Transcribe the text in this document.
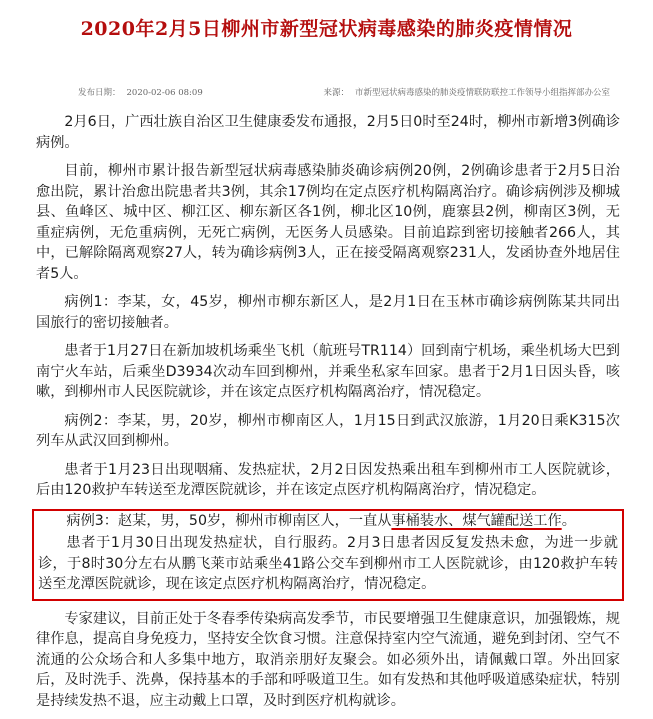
2020年2月5日柳州市新型冠状病毒感染的肺炎疫情情况
发布日期： 2020-02-06 08:09	来源： 市新型冠状病毒感染的肺炎疫情联防联控工作领导小组指挥部办公室

2月6日，广西壮族自治区卫生健康委发布通报，2月5日0时至24时，柳州市新增3例确诊病例。

目前，柳州市累计报告新型冠状病毒感染肺炎确诊病例20例，2例确诊患者于2月5日治愈出院，累计治愈出院患者共3例，其余17例均在定点医疗机构隔离治疗。确诊病例涉及柳城县、鱼峰区、城中区、柳江区、柳东新区各1例，柳北区10例，鹿寨县2例，柳南区3例，无重症病例，无危重病例，无死亡病例，无医务人员感染。目前追踪到密切接触者266人，其中，已解除隔离观察27人，转为确诊病例3人，正在接受隔离观察231人，发函协查外地居住者5人。

病例1：李某，女，45岁，柳州市柳东新区人，是2月1日在玉林市确诊病例陈某共同出国旅行的密切接触者。

患者于1月27日在新加坡机场乘坐飞机（航班号TR114）回到南宁机场，乘坐机场大巴到南宁火车站，后乘坐D3934次动车回到柳州，并乘坐私家车回家。患者于2月1日因头昏，咳嗽，到柳州市人民医院就诊，并在该定点医疗机构隔离治疗，情况稳定。

病例2：李某，男，20岁，柳州市柳南区人，1月15日到武汉旅游，1月20日乘K315次列车从武汉回到柳州。

患者于1月23日出现咽痛、发热症状，2月2日因发热乘出租车到柳州市工人医院就诊，后由120救护车转送至龙潭医院就诊，并在该定点医疗机构隔离治疗，情况稳定。

病例3：赵某，男，50岁，柳州市柳南区人，一直从事桶装水、煤气罐配送工作。

患者于1月30日出现发热症状，自行服药。2月3日患者因反复发热未愈，为进一步就诊，于8时30分左右从鹏飞莱市站乘坐41路公交车到柳州市工人医院就诊，由120救护车转送至龙潭医院就诊，现在该定点医疗机构隔离治疗，情况稳定。

专家建议，目前正处于冬春季传染病高发季节，市民要增强卫生健康意识，加强锻炼，规律作息，提高自身免疫力，坚持安全饮食习惯。注意保持室内空气流通，避免到封闭、空气不流通的公众场合和人多集中地方，取消亲朋好友聚会。如必须外出，请佩戴口罩。外出回家后，及时洗手、洗鼻，保持基本的手部和呼吸道卫生。如有发热和其他呼吸道感染症状，特别是持续发热不退，应主动戴上口罩，及时到医疗机构就诊。
